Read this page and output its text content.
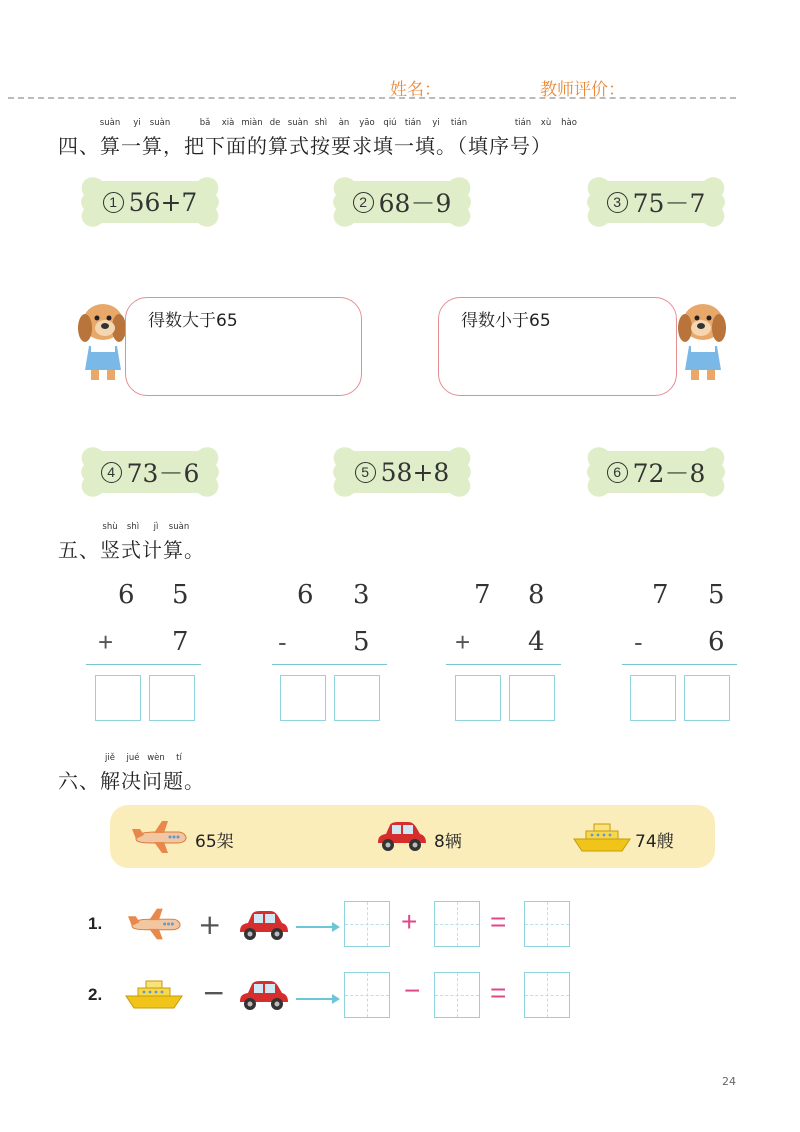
姓名：	教师评价：
suàn yi suàn	bǎ xià miàn de suàn shì àn yāo qiú tián yi tián	tián xù hào
四、算一算，把下面的算式按要求填一填。（填序号）
1 56+7	2 68－9	3 75－7
得数大于65	得数小于65
4 73－6	5 58+8	6 72－8
shù shì jì suàn
五、竖式计算。
6 5
+ 7
6 3
-	5
7 8
+ 4
7 5
-	6
jiě jué wèn tí
六、解决问题。
65架	8辆	74艘
1.	+	+	=
2.	−	− =
24
